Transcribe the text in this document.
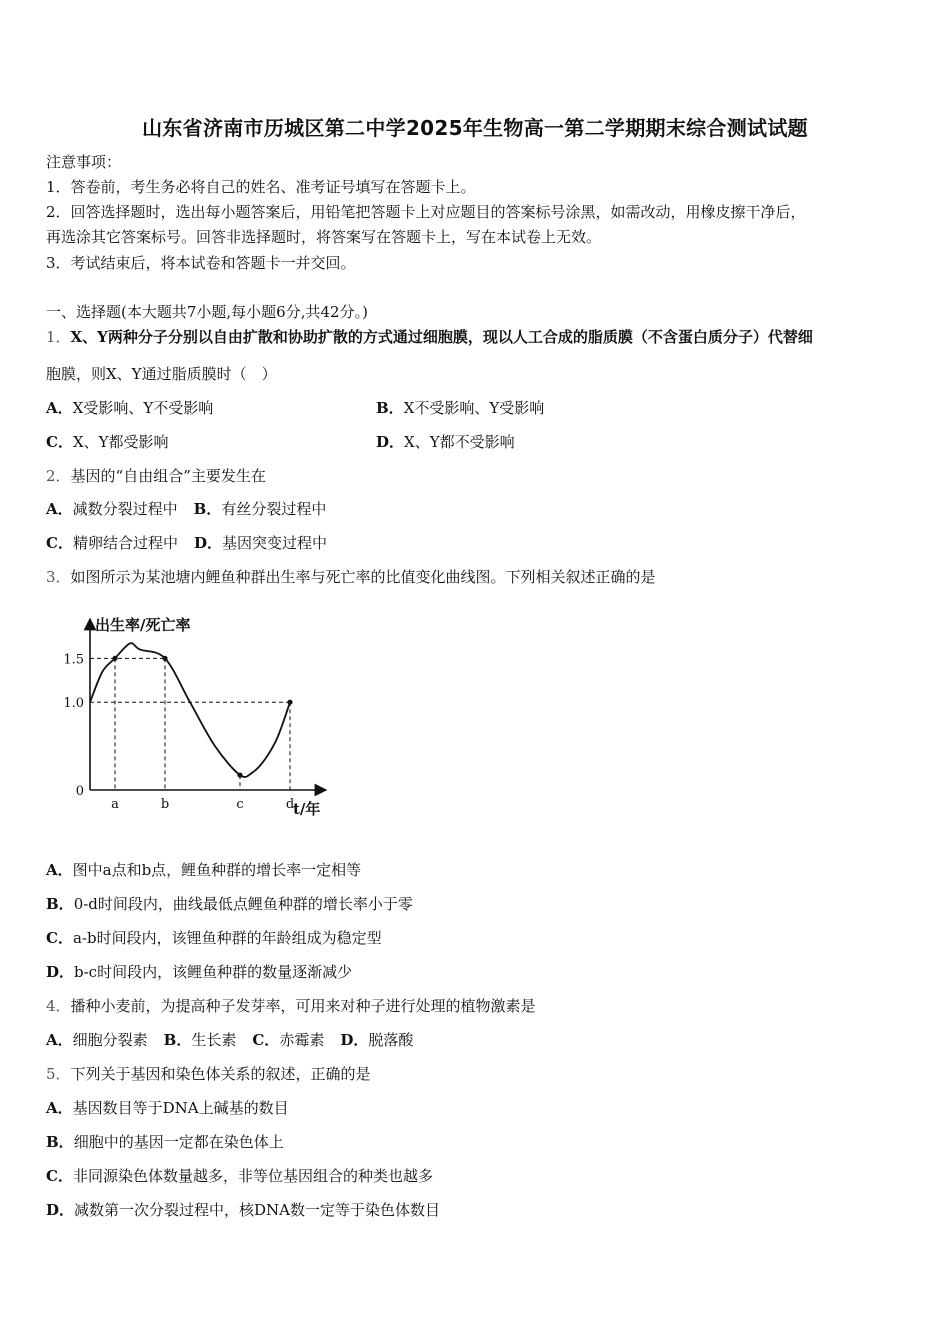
山东省济南市历城区第二中学2025年生物高一第二学期期末综合测试试题
注意事项：
1．答卷前，考生务必将自己的姓名、准考证号填写在答题卡上。
2．回答选择题时，选出每小题答案后，用铅笔把答题卡上对应题目的答案标号涂黑，如需改动，用橡皮擦干净后，
再选涂其它答案标号。回答非选择题时，将答案写在答题卡上，写在本试卷上无效。
3．考试结束后，将本试卷和答题卡一并交回。
一、选择题(本大题共7小题,每小题6分,共42分。)
1．X、Y两种分子分别以自由扩散和协助扩散的方式通过细胞膜，现以人工合成的脂质膜（不含蛋白质分子）代替细
胞膜，则X、Y通过脂质膜时（　）
A．X受影响、Y不受影响	B．X不受影响、Y受影响
C．X、Y都受影响	D．X、Y都不受影响
2．基因的“自由组合”主要发生在
A．减数分裂过程中 B．有丝分裂过程中
C．精卵结合过程中 D．基因突变过程中
3．如图所示为某池塘内鲤鱼种群出生率与死亡率的比值变化曲线图。下列相关叙述正确的是
1.5
1.0
0
a	b	c	d
出生率/死亡率
t/年
A．图中a点和b点，鲤鱼种群的增长率一定相等
B．0-d时间段内，曲线最低点鲤鱼种群的增长率小于零
C．a-b时间段内，该锂鱼种群的年龄组成为稳定型
D．b-c时间段内，该鲤鱼种群的数量逐渐减少
4．播种小麦前，为提高种子发芽率，可用来对种子进行处理的植物激素是
A．细胞分裂素 B．生长素 C．赤霉素 D．脱落酸
5．下列关于基因和染色体关系的叙述，正确的是
A．基因数目等于DNA上碱基的数目
B．细胞中的基因一定都在染色体上
C．非同源染色体数量越多，非等位基因组合的种类也越多
D．减数第一次分裂过程中，核DNA数一定等于染色体数目
